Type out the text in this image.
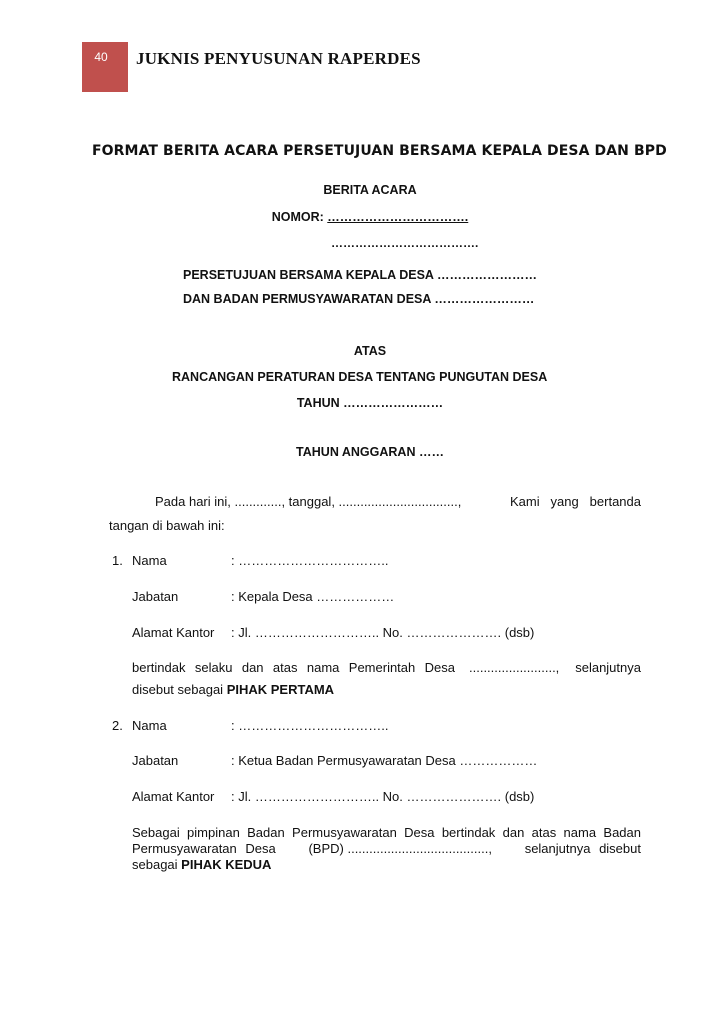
40	JUKNIS PENYUSUNAN RAPERDES
FORMAT BERITA ACARA PERSETUJUAN BERSAMA KEPALA DESA DAN BPD
BERITA ACARA
NOMOR: …………………………….
……………………………….
PERSETUJUAN BERSAMA KEPALA DESA ……………………
DAN BADAN PERMUSYAWARATAN DESA ……………………
ATAS
RANCANGAN PERATURAN DESA TENTANG PUNGUTAN DESA
TAHUN ……………………
TAHUN ANGGARAN ……
Pada hari ini, ............., tanggal, .................................,	Kami yang bertanda
tangan di bawah ini:
1. Nama	: ……………………………..
Jabatan	: Kepala Desa ………………
Alamat Kantor : Jl. ……………………….. No. …………………. (dsb)
bertindak selaku dan atas nama Pemerintah Desa ........................, selanjutnya
disebut sebagai PIHAK PERTAMA
2. Nama	: ……………………………..
Jabatan	: Ketua Badan Permusyawaratan Desa ………………
Alamat Kantor : Jl. ……………………….. No. …………………. (dsb)
Sebagai pimpinan Badan Permusyawaratan Desa bertindak dan atas nama Badan
Permusyawaratan Desa	(BPD) .......................................,	selanjutnya disebut
sebagai PIHAK KEDUA
